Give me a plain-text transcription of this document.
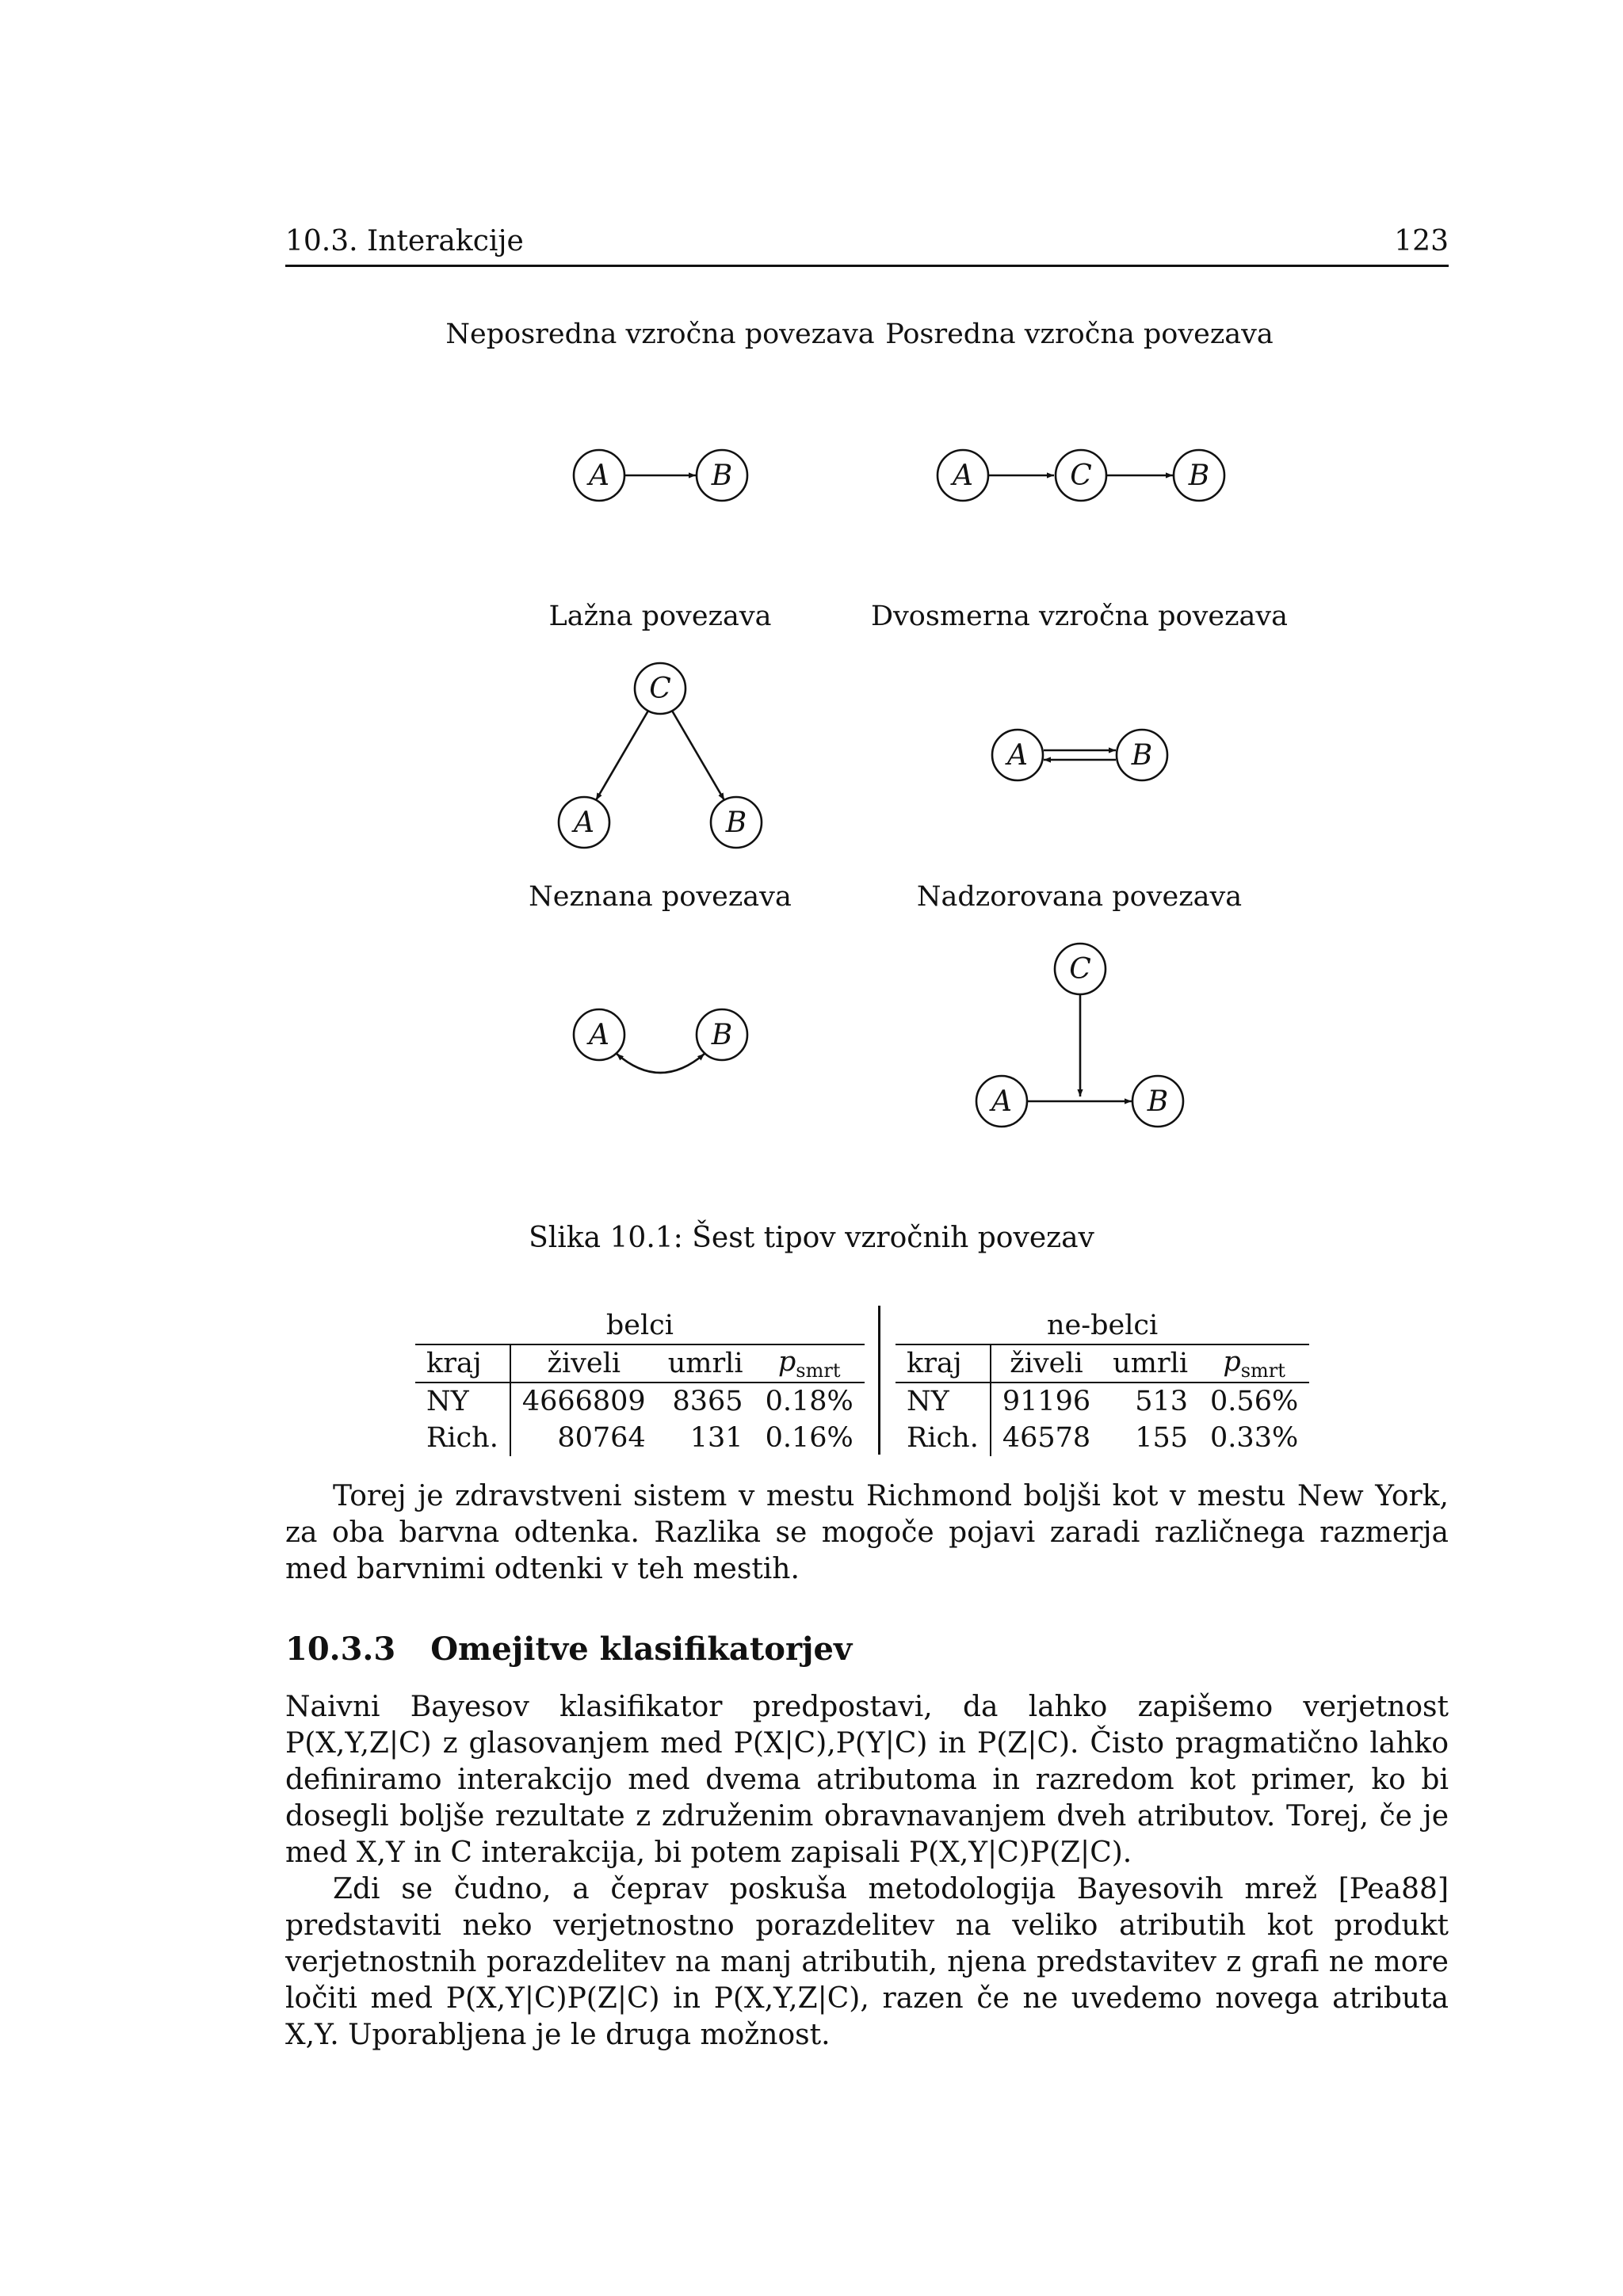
10.3. Interakcije	123
Neposredna vzročna povezava Posredna vzročna povezava
Lažna povezava	Dvosmerna vzročna povezava
Neznana povezava	Nadzorovana povezava
A	B	A	C	B
C
A	B
A	B
A	B
C
A	B
Slika 10.1: Šest tipov vzročnih povezav
belci			
kraj	živeli	umrli	$p_{smrt}$
NY	4666809	8365	0.18%
Rich.	80764	131	0.16%
ne-belci			
kraj	živeli	umrli	$p_{smrt}$
NY	91196	513	0.56%
Rich.	46578	155	0.33%
Torej je zdravstveni sistem v mestu Richmond boljši kot v mestu New York, za oba barvna odtenka. Razlika se mogoče pojavi zaradi različnega razmerja med barvnimi odtenki v teh mestih.
10.3.3 Omejitve klasifikatorjev
Naivni Bayesov klasifikator predpostavi, da lahko zapišemo verjetnost P(X,Y,Z|C) z glasovanjem med P(X|C),P(Y|C) in P(Z|C). Čisto pragmatično lahko definiramo interakcijo med dvema atributoma in razredom kot primer, ko bi dosegli boljše rezultate z združenim obravnavanjem dveh atributov. Torej, če je med X,Y in C interakcija, bi potem zapisali P(X,Y|C)P(Z|C).
Zdi se čudno, a čeprav poskuša metodologija Bayesovih mrež [Pea88] predstaviti neko verjetnostno porazdelitev na veliko atributih kot produkt verjetnostnih porazdelitev na manj atributih, njena predstavitev z grafi ne more ločiti med P(X,Y|C)P(Z|C) in P(X,Y,Z|C), razen če ne uvedemo novega atributa X,Y. Uporabljena je le druga možnost.
